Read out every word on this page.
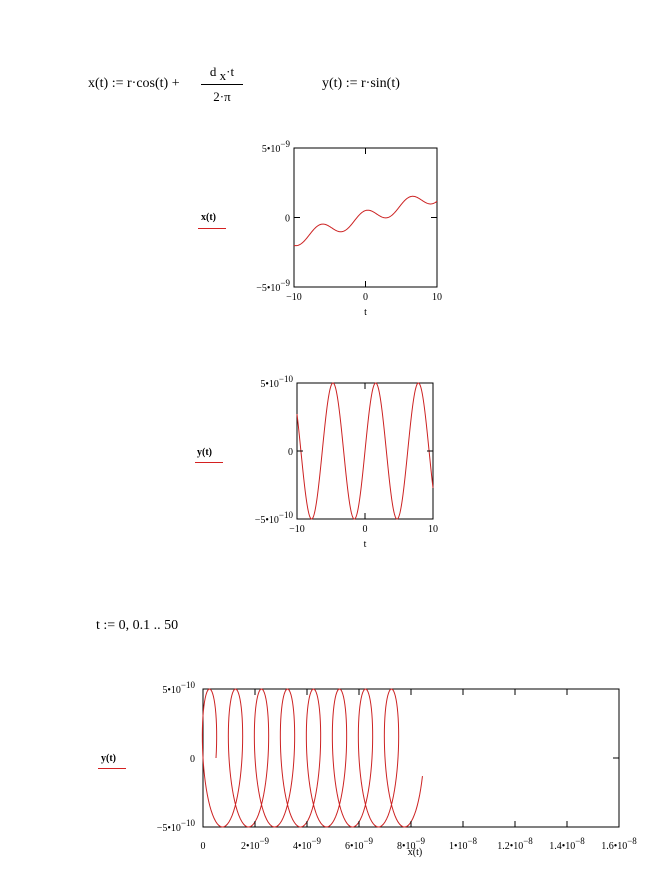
x(t) := r·cos(t) +
d x·t
2·π
y(t) := r·sin(t)
t := 0, 0.1 .. 50
x(t)
y(t)
y(t)
−10	0	10
t
5•10−9
0
−5•10−9
−10	0	10
t
5•10−10
0
−5•10−10
0	2•10−9 4•10−9 6•10−9 8•10−9 1•10−8 1.2•10−8 1.4•10−8 1.6•10−8
x(t)
5•10−10
0
−5•10−10
